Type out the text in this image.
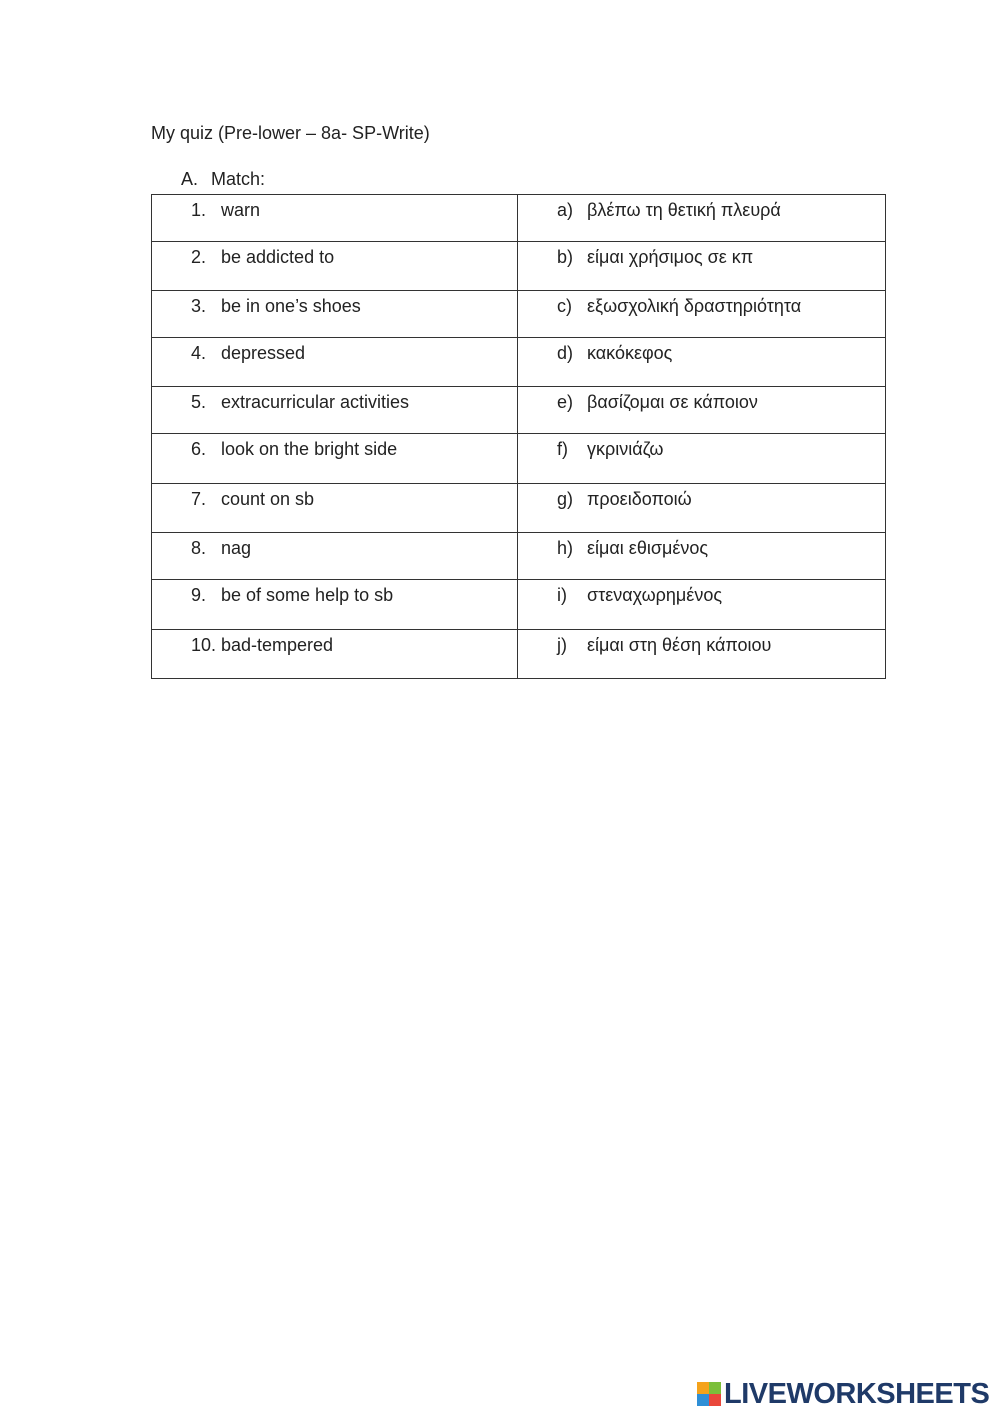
My quiz (Pre-lower – 8a- SP-Write)
A. Match:
1. warn	a) βλέπω τη θετική πλευρά
2. be addicted to	b) είμαι χρήσιμος σε κπ
3. be in one’s shoes	c) εξωσχολική δραστηριότητα
4. depressed	d) κακόκεφος
5. extracurricular activities	e) βασίζομαι σε κάποιον
6. look on the bright side	f) γκρινιάζω
7. count on sb	g) προειδοποιώ
8. nag	h) είμαι εθισμένος
9. be of some help to sb	i) στεναχωρημένος
10. bad-tempered	j) είμαι στη θέση κάποιου
LIVEWORKSHEETS
